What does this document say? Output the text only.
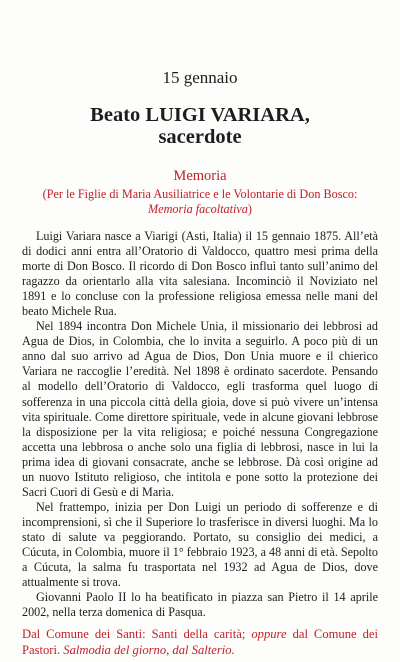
15 gennaio

Beato LUIGI VARIARA,
sacerdote

Memoria

(Per le Figlie di Maria Ausiliatrice e le Volontarie di Don Bosco: Memoria facoltativa)

Luigi Variara nasce a Viarigi (Asti, Italia) il 15 gennaio 1875. All’età di dodici anni entra all’Oratorio di Valdocco, quattro mesi prima della morte di Don Bosco. Il ricordo di Don Bosco influì tanto sull’animo del ragazzo da orientarlo alla vita salesiana. Incominciò il Noviziato nel 1891 e lo concluse con la professione religiosa emessa nelle mani del beato Michele Rua.

Nel 1894 incontra Don Michele Unia, il missionario dei lebbrosi ad Agua de Dios, in Colombia, che lo invita a seguirlo. A poco più di un anno dal suo arrivo ad Agua de Dios, Don Unia muore e il chierico Variara ne raccoglie l’eredità. Nel 1898 è ordinato sacerdote. Pensando al modello dell’Oratorio di Valdocco, egli trasforma quel luogo di sofferenza in una piccola città della gioia, dove si può vivere un’intensa vita spirituale. Come direttore spirituale, vede in alcune giovani lebbrose la disposizione per la vita religiosa; e poiché nessuna Congregazione accetta una lebbrosa o anche solo una figlia di lebbrosi, nasce in lui la prima idea di giovani consacrate, anche se lebbrose. Dà così origine ad un nuovo Istituto religioso, che intitola e pone sotto la protezione dei Sacri Cuori di Gesù e di Maria.

Nel frattempo, inizia per Don Luigi un periodo di sofferenze e di incomprensioni, sì che il Superiore lo trasferisce in diversi luoghi. Ma lo stato di salute va peggiorando. Portato, su consiglio dei medici, a Cúcuta, in Colombia, muore il 1° febbraio 1923, a 48 anni di età. Sepolto a Cúcuta, la salma fu trasportata nel 1932 ad Agua de Dios, dove attualmente si trova.

Giovanni Paolo II lo ha beatificato in piazza san Pietro il 14 aprile 2002, nella terza domenica di Pasqua.

Dal Comune dei Santi: Santi della carità; oppure dal Comune dei Pastori. Salmodia del giorno, dal Salterio.
